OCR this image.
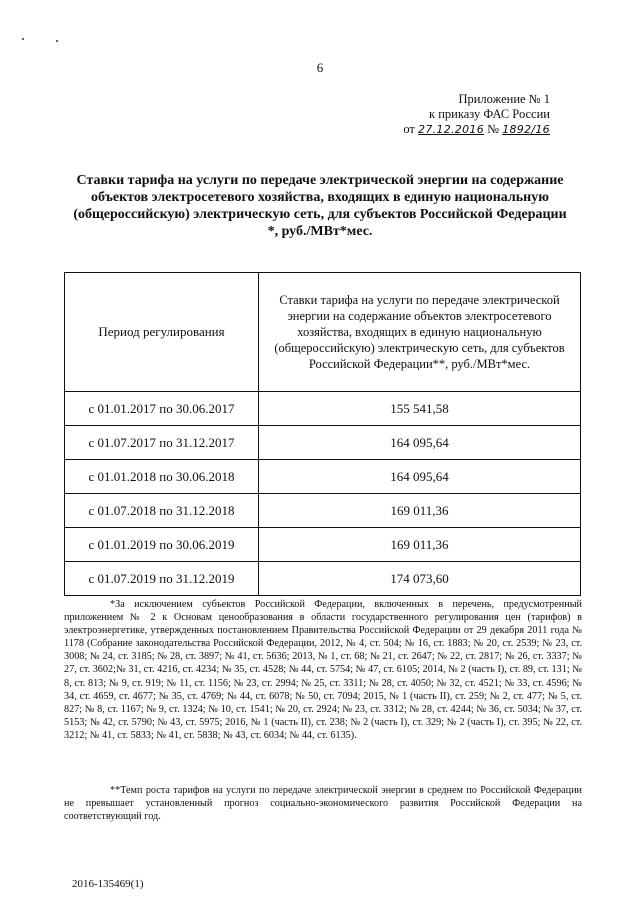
6
Приложение № 1
к приказу ФАС России
от 27.12.2016 № 1892/16
Ставки тарифа на услуги по передаче электрической энергии на содержание объектов электросетевого хозяйства, входящих в единую национальную (общероссийскую) электрическую сеть, для субъектов Российской Федерации *, руб./МВт*мес.
Период регулирования	Ставки тарифа на услуги по передаче электрической энергии на содержание объектов электросетевого хозяйства, входящих в единую национальную (общероссийскую) электрическую сеть, для субъектов Российской Федерации**, руб./МВт*мес.
с 01.01.2017 по 30.06.2017	155 541,58
с 01.07.2017 по 31.12.2017	164 095,64
с 01.01.2018 по 30.06.2018	164 095,64
с 01.07.2018 по 31.12.2018	169 011,36
с 01.01.2019 по 30.06.2019	169 011,36
с 01.07.2019 по 31.12.2019	174 073,60
*За исключением субъектов Российской Федерации, включенных в перечень, предусмотренный приложением № 2 к Основам ценообразования в области государственного регулирования цен (тарифов) в электроэнергетике, утвержденных постановлением Правительства Российской Федерации от 29 декабря 2011 года № 1178 (Собрание законодательства Российской Федерации, 2012, № 4, ст. 504; № 16, ст. 1883; № 20, ст. 2539; № 23, ст. 3008; № 24, ст. 3185; № 28, ст. 3897; № 41, ст. 5636; 2013, № 1, ст. 68; № 21, ст. 2647; № 22, ст. 2817; № 26, ст. 3337; № 27, ст. 3602;№ 31, ст. 4216, ст. 4234; № 35, ст. 4528; № 44, ст. 5754; № 47, ст. 6105; 2014, № 2 (часть I), ст. 89, ст. 131; № 8, ст. 813; № 9, ст. 919; № 11, ст. 1156; № 23, ст. 2994; № 25, ст. 3311; № 28, ст. 4050; № 32, ст. 4521; № 33, ст. 4596; № 34, ст. 4659, ст. 4677; № 35, ст. 4769; № 44, ст. 6078; № 50, ст. 7094; 2015, № 1 (часть II), ст. 259; № 2, ст. 477; № 5, ст. 827; № 8, ст. 1167; № 9, ст. 1324; № 10, ст. 1541; № 20, ст. 2924; № 23, ст. 3312; № 28, ст. 4244; № 36, ст. 5034; № 37, ст. 5153; № 42, ст. 5790; № 43, ст. 5975; 2016, № 1 (часть II), ст. 238; № 2 (часть I), ст. 329; № 2 (часть I), ст. 395; № 22, ст. 3212; № 41, ст. 5833; № 41, ст. 5838; № 43, ст. 6034; № 44, ст. 6135).
**Темп роста тарифов на услуги по передаче электрической энергии в среднем по Российской Федерации не превышает установленный прогноз социально-экономического развития Российской Федерации на соответствующий год.
2016-135469(1)
